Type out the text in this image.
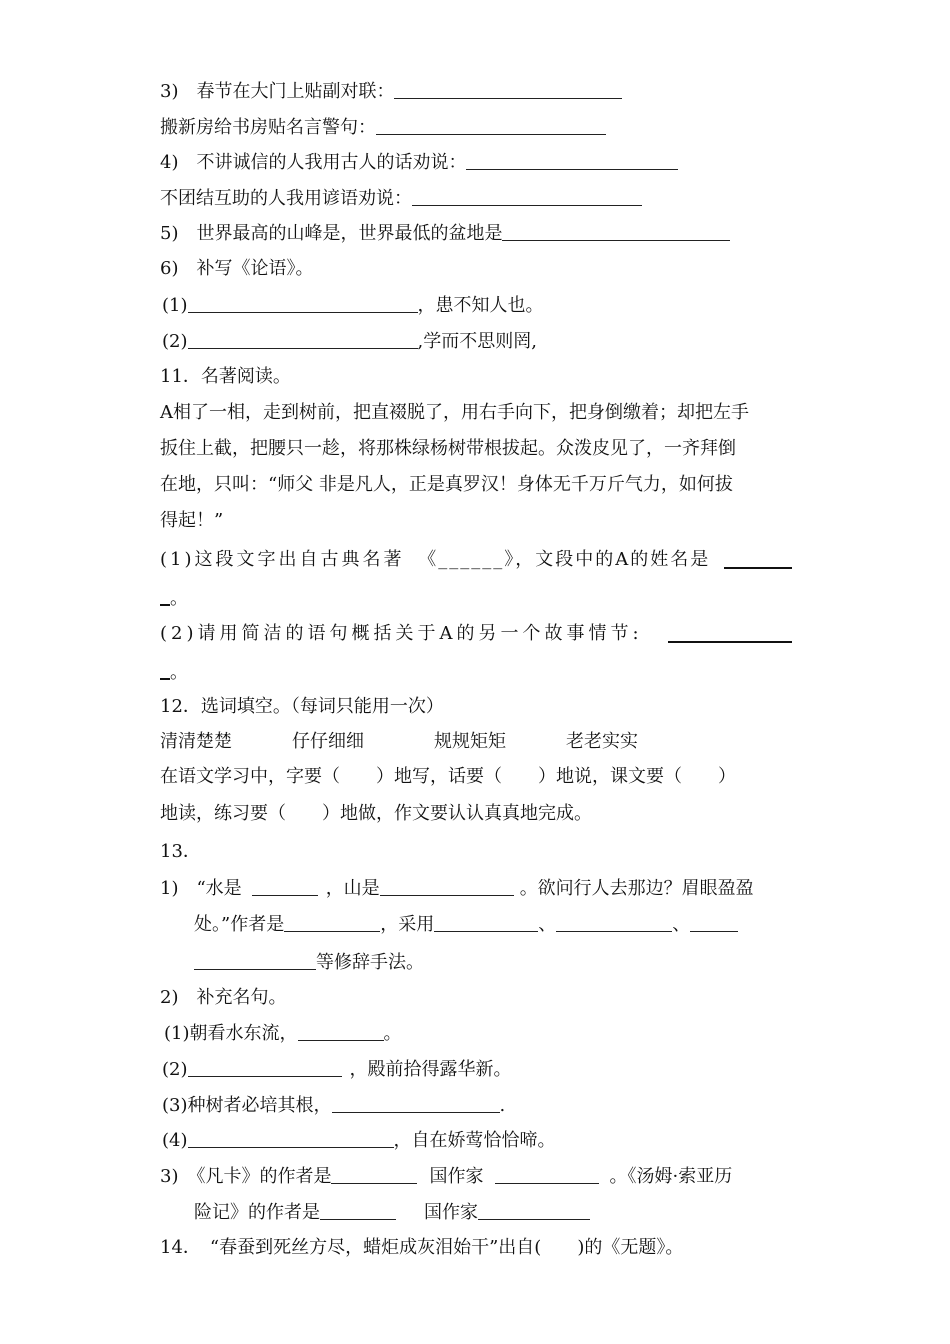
3)　春节在大门上贴副对联：
搬新房给书房贴名言警句：
4)　不讲诚信的人我用古人的话劝说：
不团结互助的人我用谚语劝说：
5)　世界最高的山峰是，世界最低的盆地是
6)　补写《论语》。
(1)	，患不知人也。
(2)	,学而不思则罔,
11．名著阅读。
A相了一相，走到树前，把直裰脱了，用右手向下，把身倒缴着；却把左手
扳住上截，把腰只一趁，将那株绿杨树带根拔起。众泼皮见了，一齐拜倒
在地，只叫：“师父 非是凡人，正是真罗汉！身体无千万斤气力，如何拔
得起！”
(1)这段文字出自古典名著 《______》，文段中的A的姓名是
。
(2)请用简洁的语句概括关于A的另一个故事情节:
。
12．选词填空。（每词只能用一次）
清清楚楚	仔仔细细	规规矩矩	老老实实
在语文学习中，字要（　　）地写，话要（　　）地说，课文要（　　）
地读，练习要（　　）地做，作文要认认真真地完成。
13．
1)　“水是	，山是	。欲问行人去那边？眉眼盈盈
处。”作者是	，采用	、	、
等修辞手法。
2)　补充名句。
(1)朝看水东流，	。
(2)	，殿前拾得露华新。
(3)种树者必培其根，	.
(4)	，自在娇莺恰恰啼。
3)　《凡卡》的作者是	国作家	。《汤姆·索亚历
险记》的作者是	国作家
14．　“春蚕到死丝方尽，蜡炬成灰泪始干”出自(　　)的《无题》。
